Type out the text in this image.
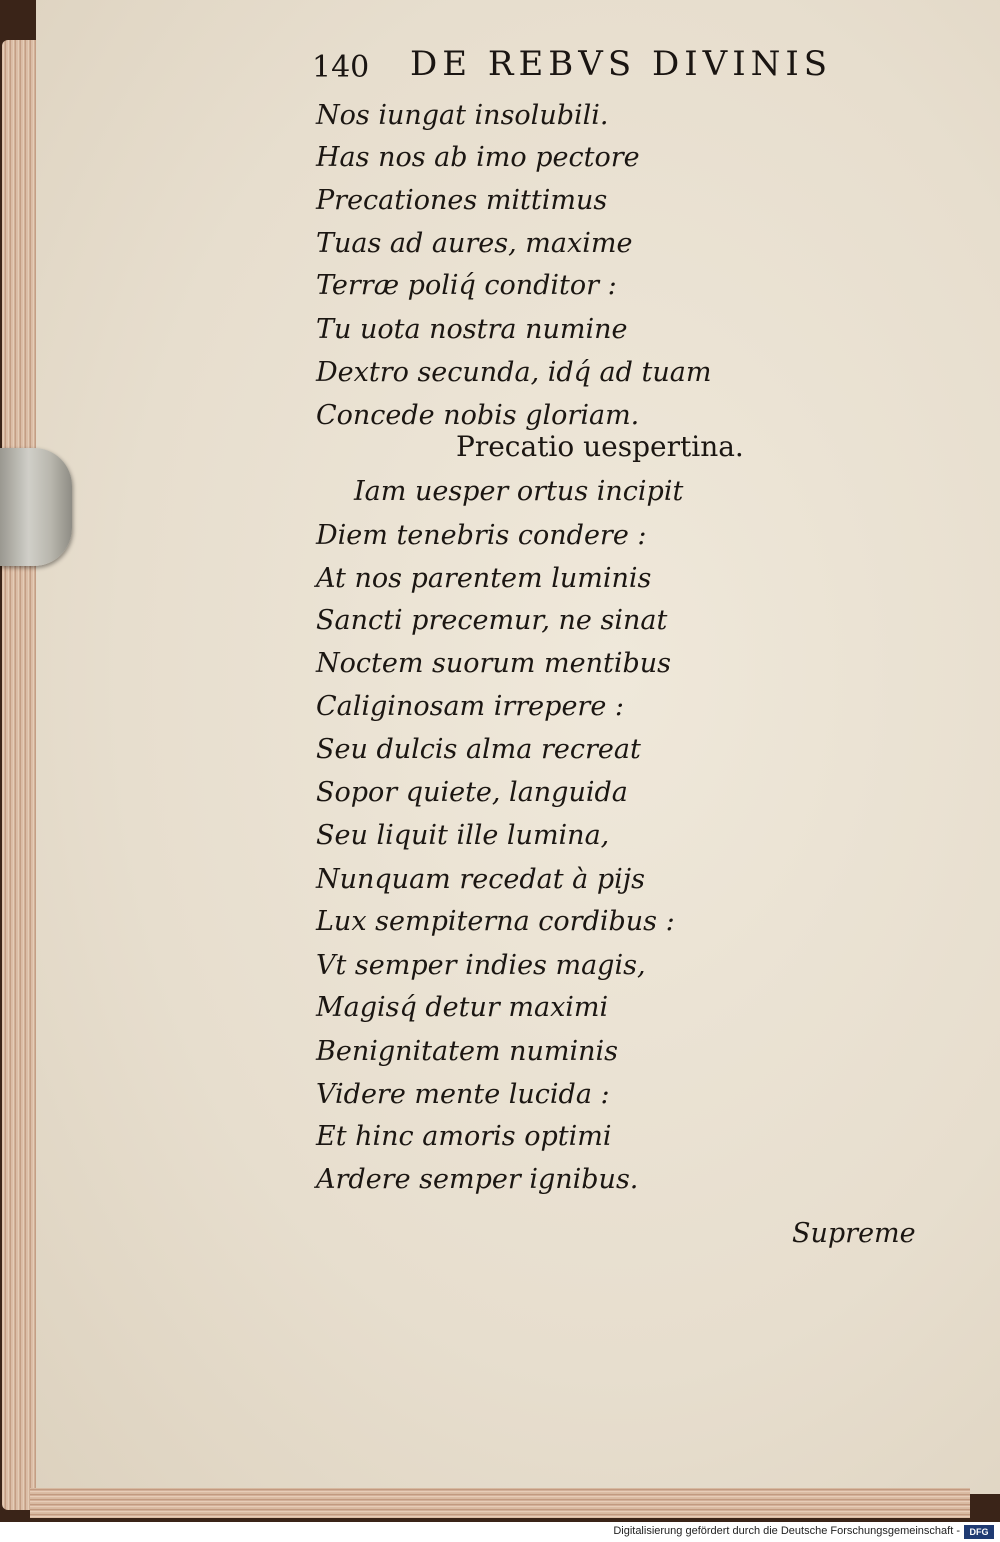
140 DE REBVS DIVINIS
Nos iungat insolubili.
Has nos ab imo pectore
Precationes mittimus
Tuas ad aures, maxime
Terræ poliq́ conditor :
Tu uota nostra numine
Dextro secunda, idq́ ad tuam
Concede nobis gloriam.
Precatio uespertina.
Iam uesper ortus incipit
Diem tenebris condere :
At nos parentem luminis
Sancti precemur, ne sinat
Noctem suorum mentibus
Caliginosam irrepere :
Seu dulcis alma recreat
Sopor quiete, languida
Seu liquit ille lumina,
Nunquam recedat à pijs
Lux sempiterna cordibus :
Vt semper indies magis,
Magisq́ detur maximi
Benignitatem numinis
Videre mente lucida :
Et hinc amoris optimi
Ardere semper ignibus.
Supreme
Digitalisierung gefördert durch die Deutsche Forschungsgemeinschaft -	DFG
